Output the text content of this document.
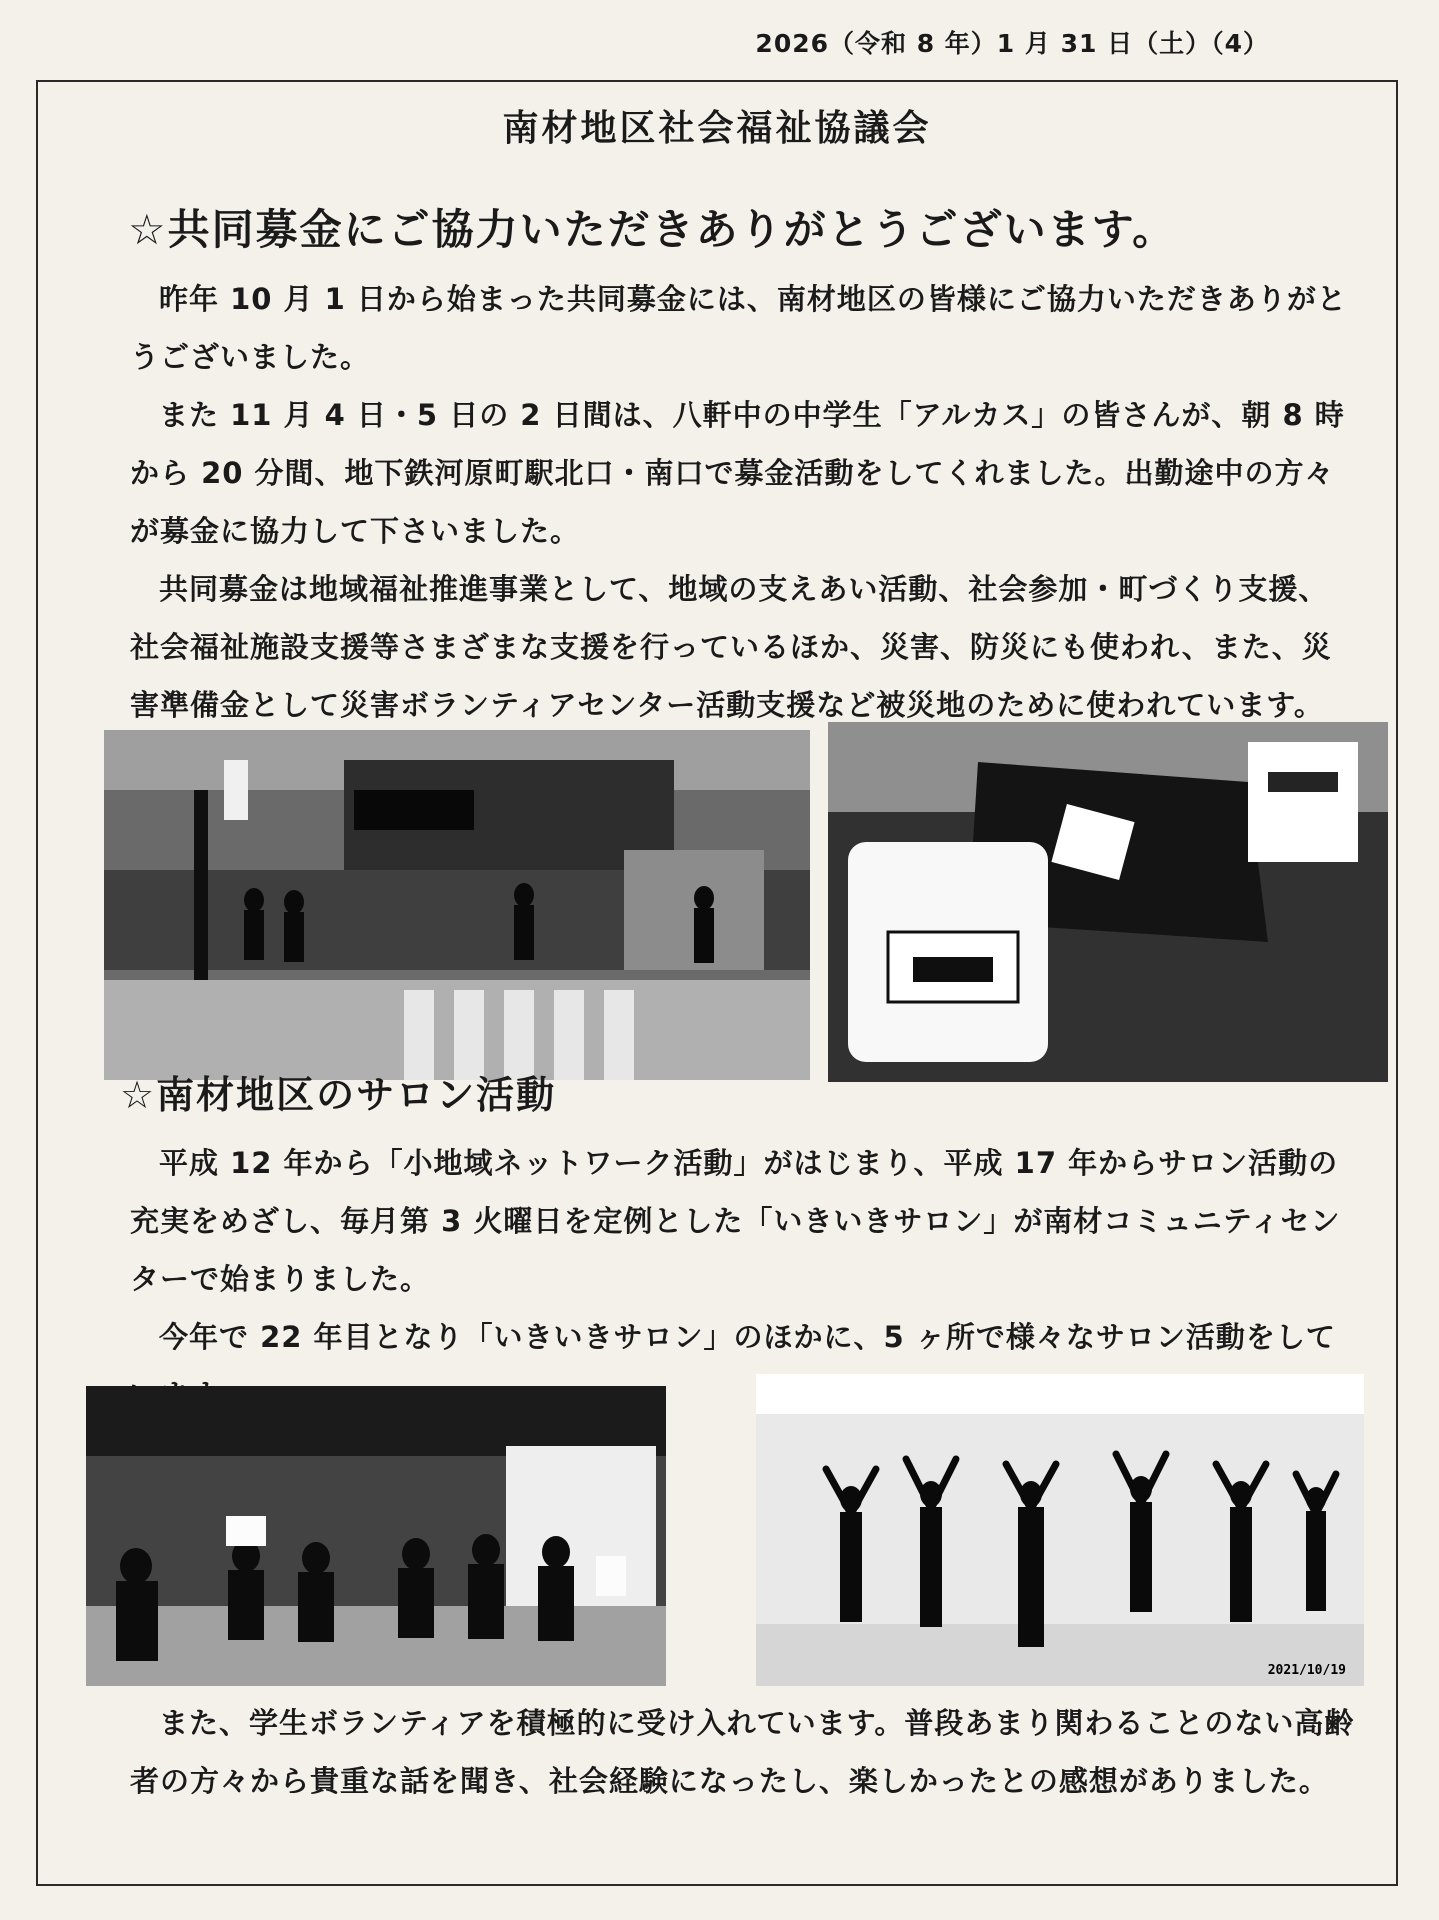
2026（令和 8 年）1 月 31 日（土）（4）
南材地区社会福祉協議会
☆共同募金にご協力いただきありがとうございます。

昨年 10 月 1 日から始まった共同募金には、南材地区の皆様にご協力いただきありがとうございました。

また 11 月 4 日・5 日の 2 日間は、八軒中の中学生「アルカス」の皆さんが、朝 8 時から 20 分間、地下鉄河原町駅北口・南口で募金活動をしてくれました。出勤途中の方々が募金に協力して下さいました。

共同募金は地域福祉推進事業として、地域の支えあい活動、社会参加・町づくり支援、社会福祉施設支援等さまざまな支援を行っているほか、災害、防災にも使われ、また、災害準備金として災害ボランティアセンター活動支援など被災地のために使われています。

☆南材地区のサロン活動

平成 12 年から「小地域ネットワーク活動」がはじまり、平成 17 年からサロン活動の充実をめざし、毎月第 3 火曜日を定例とした「いきいきサロン」が南材コミュニティセンターで始まりました。

今年で 22 年目となり「いきいきサロン」のほかに、5 ヶ所で様々なサロン活動をして

2021/10/19

また、学生ボランティアを積極的に受け入れています。普段あまり関わることのない高齢者の方々から貴重な話を聞き、社会経験になったし、楽しかったとの感想がありました。
